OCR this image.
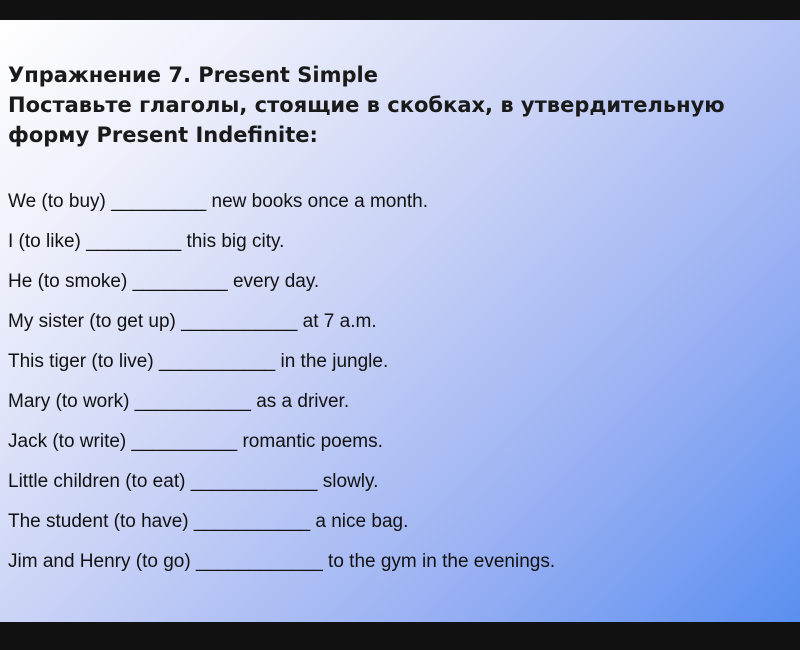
Упражнение 7. Present Simple
Поставьте глаголы, стоящие в скобках, в утвердительную
форму Present Indefinite:
We (to buy) _________ new books once a month.
I (to like) _________ this big city.
He (to smoke) _________ every day.
My sister (to get up) ___________ at 7 a.m.
This tiger (to live) ___________ in the jungle.
Mary (to work) ___________ as a driver.
Jack (to write) __________ romantic poems.
Little children (to eat) ____________ slowly.
The student (to have) ___________ a nice bag.
Jim and Henry (to go) ____________ to the gym in the evenings.
